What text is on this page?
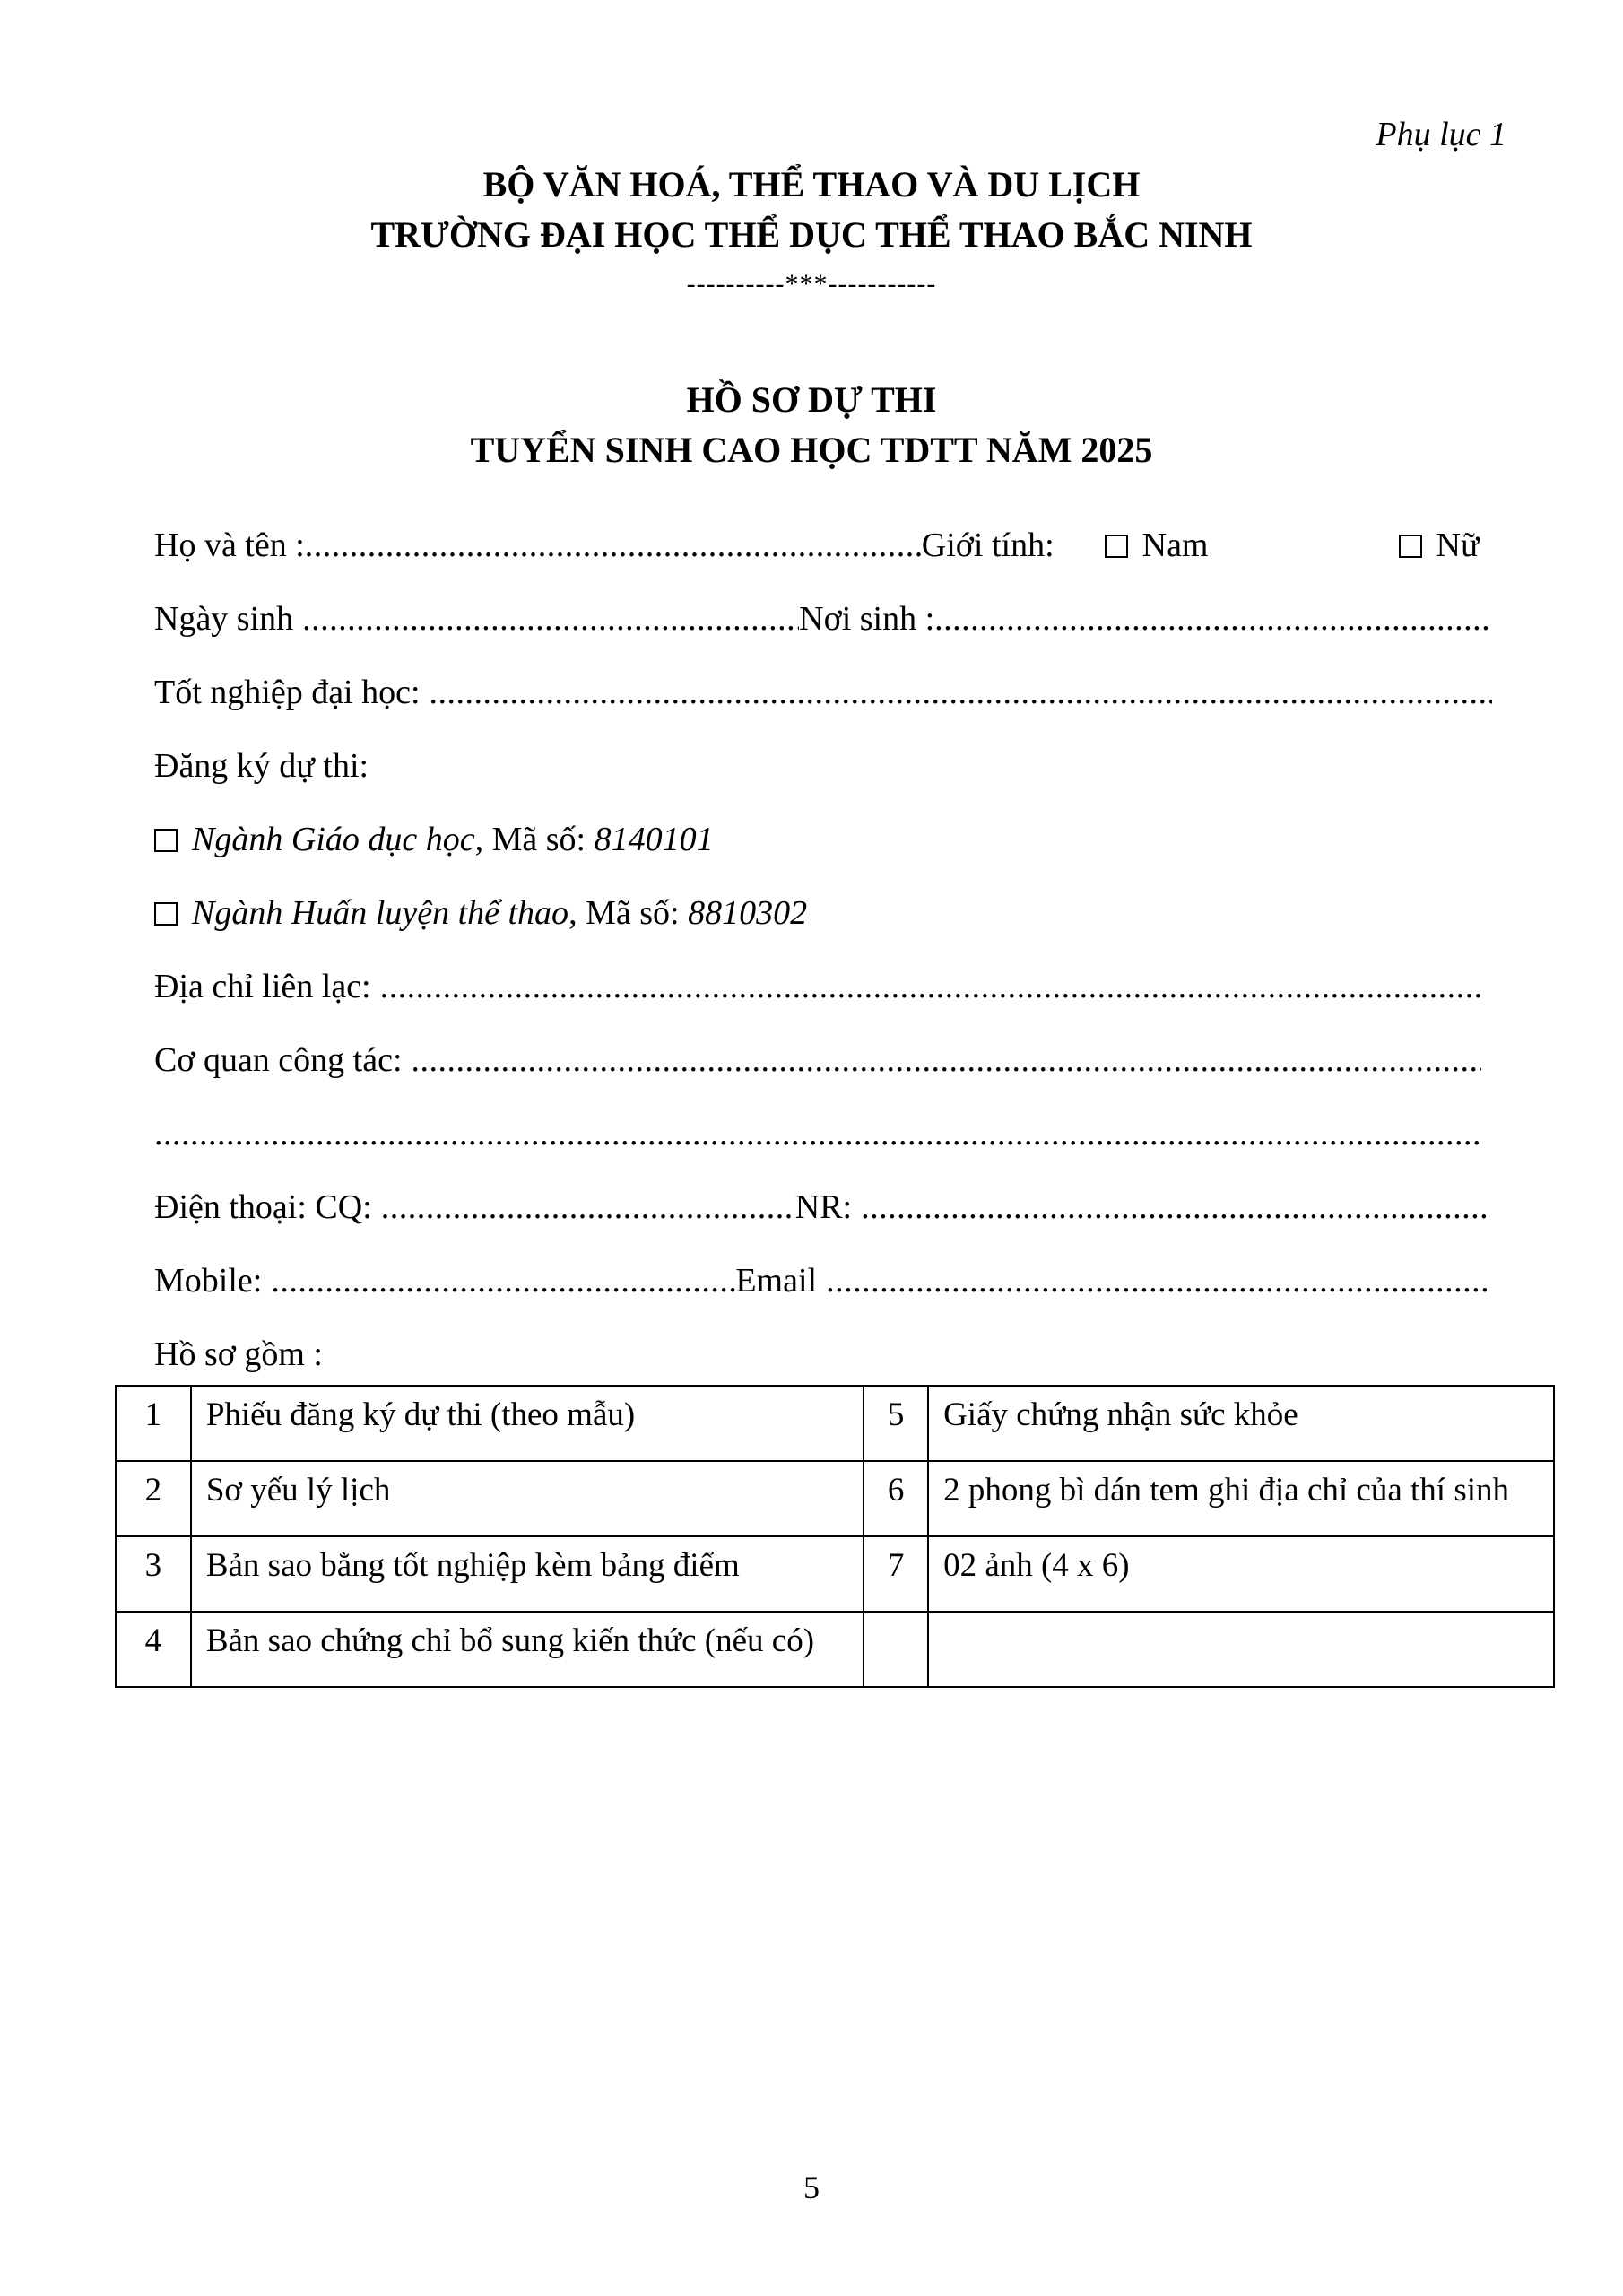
Phụ lục 1
BỘ VĂN HOÁ, THỂ THAO VÀ DU LỊCH
TRƯỜNG ĐẠI HỌC THỂ DỤC THỂ THAO BẮC NINH
----------***-----------
HỒ SƠ DỰ THI
TUYỂN SINH CAO HỌC TDTT NĂM 2025
Họ và tên : .....	Giới tính:	Nam	Nữ
Ngày sinh .....	Nơi sinh :
.....
Tốt nghiệp đại học:
.....
Đăng ký dự thi:
Ngành Giáo dục học , Mã số: 8140101
Ngành Huấn luyện thể thao , Mã số: 8810302
Địa chỉ liên lạc:
.....
Cơ quan công tác:
.....
.....
Điện thoại: CQ: .....	NR:
.....
Mobile: .....	Email
.....
Hồ sơ gồm :
1	Phiếu đăng ký dự thi (theo mẫu)	5	Giấy chứng nhận sức khỏe
2	Sơ yếu lý lịch	6	2 phong bì dán tem ghi địa chỉ của thí sinh
3	Bản sao bằng tốt nghiệp kèm bảng điểm	7	02 ảnh (4 x 6)
4	Bản sao chứng chỉ bổ sung kiến thức (nếu có)		
5
